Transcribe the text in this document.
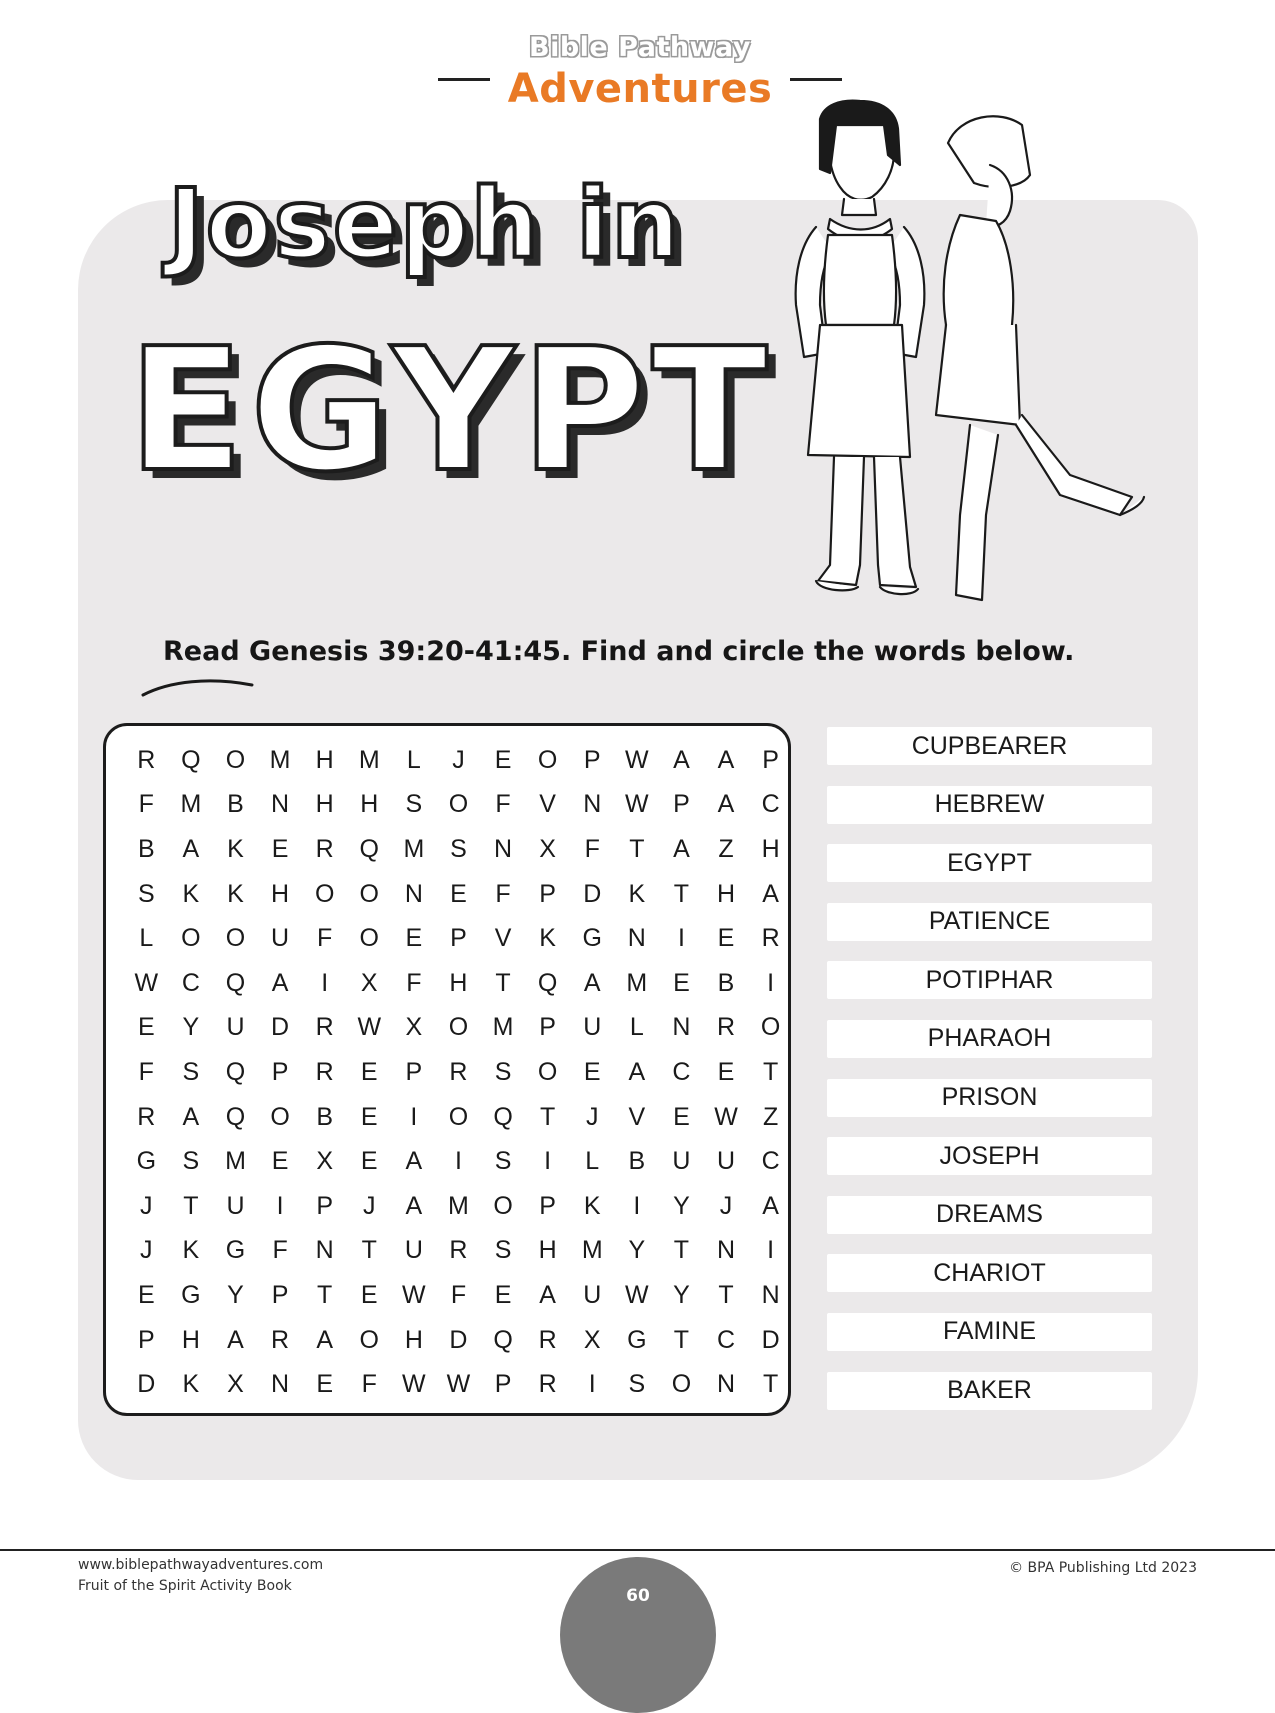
Bible Pathway
Adventures
Joseph in
EGYPT
Read Genesis 39:20-41:45. Find and circle the words below.
R	Q	O M	H	M	L	J	E	O	P W A	A	P
F	M	B	N	H	H	S	O	F	V	N W P	A	C
B	A	K	E	R	Q M	S	N	X	F	T	A	Z	H
S	K	K	H	O	O	N	E	F	P	D	K	T	H	A
L	O	O	U	F	O	E	P	V	K	G	N	I	E	R
W C	Q	A	I	X	F	H	T	Q	A	M	E	B	I
E	Y	U	D	R W X	O M	P	U	L	N	R	O
F	S	Q	P	R	E	P	R	S	O	E	A	C	E	T
R	A	Q	O	B	E	I	O	Q	T	J	V	E W	Z
G	S	M	E	X	E	A	I	S	I	L	B	U	U	C
J	T	U	I	P	J	A	M O	P	K	I	Y	J	A
J	K	G	F	N	T	U	R	S	H	M	Y	T	N	I
E	G	Y	P	T	E W	F	E	A	U W Y	T	N
P	H	A	R	A	O	H	D	Q	R	X	G	T	C	D
D	K	X	N	E	F	W W P	R	I	S	O	N	T
CUPBEARER
HEBREW
EGYPT
PATIENCE
POTIPHAR
PHARAOH
PRISON
JOSEPH
DREAMS
CHARIOT
FAMINE
BAKER
www.biblepathwayadventures.com
Fruit of the Spirit Activity Book
© BPA Publishing Ltd 2023
60
